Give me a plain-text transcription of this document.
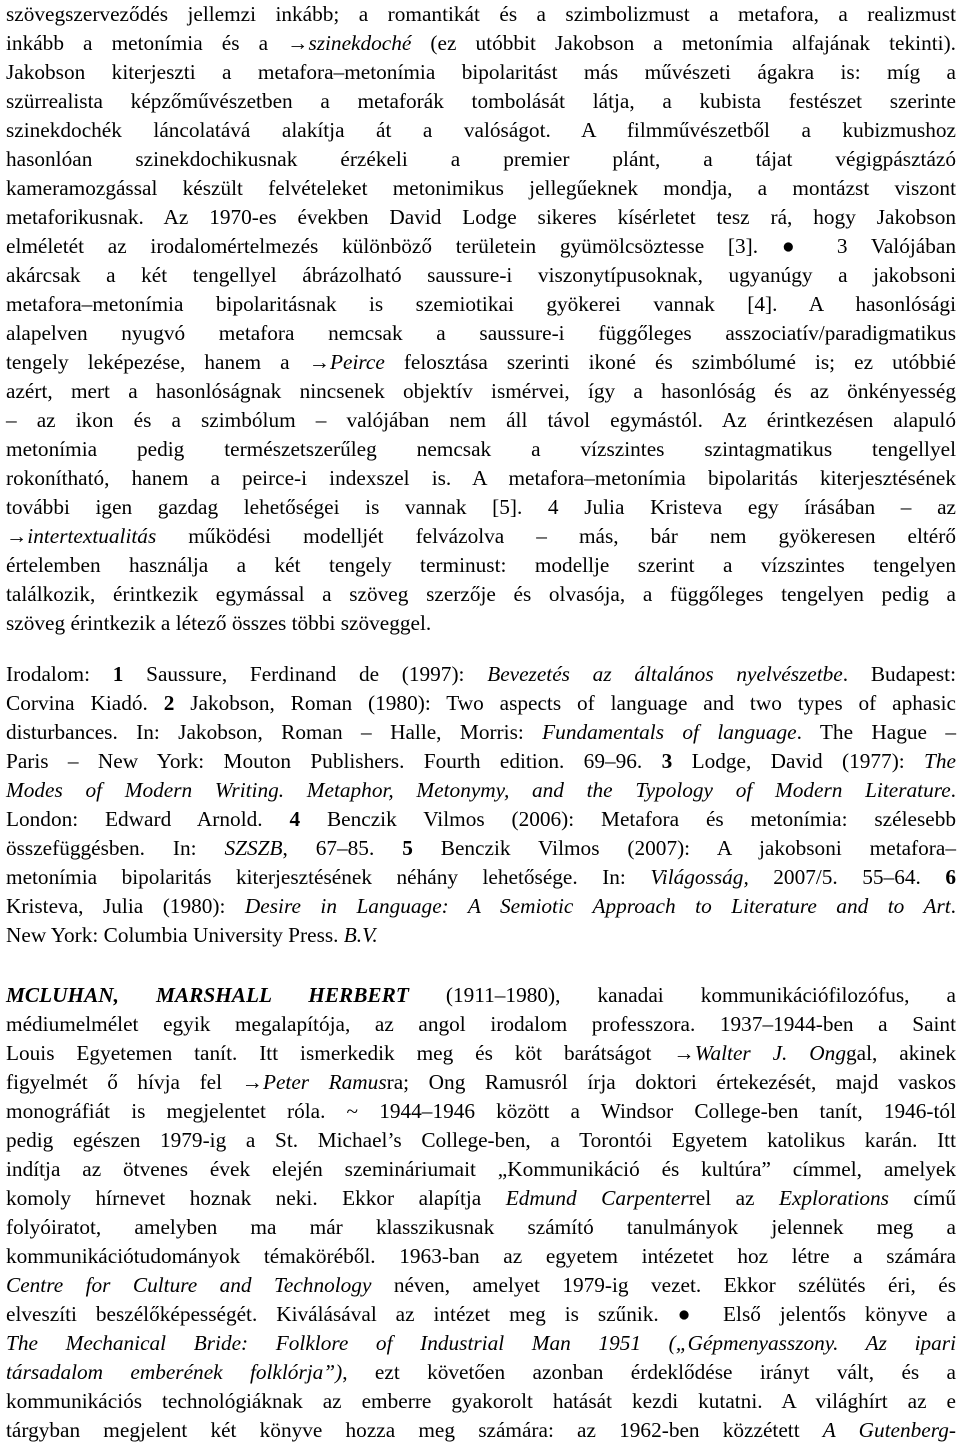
szövegszerveződés jellemzi inkább; a romantikát és a szimbolizmust a metafora, a realizmust
inkább a metonímia és a →szinekdoché (ez utóbbit Jakobson a metonímia alfajának tekinti).
Jakobson kiterjeszti a metafora–metonímia bipolaritást más művészeti ágakra is: míg a
szürrealista képzőművészetben a metaforák tombolását látja, a kubista festészet szerinte
szinekdochék láncolatává alakítja át a valóságot. A filmművészetből a kubizmushoz
hasonlóan szinekdochikusnak érzékeli a premier plánt, a tájat végigpásztázó
kameramozgással készült felvételeket metonimikus jellegűeknek mondja, a montázst viszont
metaforikusnak. Az 1970-es években David Lodge sikeres kísérletet tesz rá, hogy Jakobson
elméletét az irodalomértelmezés különböző területein gyümölcsöztesse [3]. ● 3 Valójában
akárcsak a két tengellyel ábrázolható saussure-i viszonytípusoknak, ugyanúgy a jakobsoni
metafora–metonímia bipolaritásnak is szemiotikai gyökerei vannak [4]. A hasonlósági
alapelven nyugvó metafora nemcsak a saussure-i függőleges asszociatív/paradigmatikus
tengely leképezése, hanem a →Peirce felosztása szerinti ikoné és szimbólumé is; ez utóbbié
azért, mert a hasonlóságnak nincsenek objektív ismérvei, így a hasonlóság és az önkényesség
– az ikon és a szimbólum – valójában nem áll távol egymástól. Az érintkezésen alapuló
metonímia pedig természetszerűleg nemcsak a vízszintes szintagmatikus tengellyel
rokonítható, hanem a peirce-i indexszel is. A metafora–metonímia bipolaritás kiterjesztésének
további igen gazdag lehetőségei is vannak [5]. 4 Julia Kristeva egy írásában – az
→intertextualitás működési modelljét felvázolva – más, bár nem gyökeresen eltérő
értelemben használja a két tengely terminust: modellje szerint a vízszintes tengelyen
találkozik, érintkezik egymással a szöveg szerzője és olvasója, a függőleges tengelyen pedig a
szöveg érintkezik a létező összes többi szöveggel.
Irodalom: 1 Saussure, Ferdinand de (1997): Bevezetés az általános nyelvészetbe. Budapest:
Corvina Kiadó. 2 Jakobson, Roman (1980): Two aspects of language and two types of aphasic
disturbances. In: Jakobson, Roman – Halle, Morris: Fundamentals of language. The Hague –
Paris – New York: Mouton Publishers. Fourth edition. 69–96. 3 Lodge, David (1977): The
Modes of Modern Writing. Metaphor, Metonymy, and the Typology of Modern Literature.
London: Edward Arnold. 4 Benczik Vilmos (2006): Metafora és metonímia: szélesebb
összefüggésben. In: SZSZB, 67–85. 5 Benczik Vilmos (2007): A jakobsoni metafora–
metonímia bipolaritás kiterjesztésének néhány lehetősége. In: Világosság, 2007/5. 55–64. 6
Kristeva, Julia (1980): Desire in Language: A Semiotic Approach to Literature and to Art.
New York: Columbia University Press. B.V.
MCLUHAN, MARSHALL HERBERT (1911–1980), kanadai kommunikációfilozófus, a
médiumelmélet egyik megalapítója, az angol irodalom professzora. 1937–1944-ben a Saint
Louis Egyetemen tanít. Itt ismerkedik meg és köt barátságot →Walter J. Onggal, akinek
figyelmét ő hívja fel →Peter Ramusra; Ong Ramusról írja doktori értekezését, majd vaskos
monográfiát is megjelentet róla. ~ 1944–1946 között a Windsor College-ben tanít, 1946-tól
pedig egészen 1979-ig a St. Michael’s College-ben, a Torontói Egyetem katolikus karán. Itt
indítja az ötvenes évek elején szemináriumait „Kommunikáció és kultúra” címmel, amelyek
komoly hírnevet hoznak neki. Ekkor alapítja Edmund Carpenterrel az Explorations című
folyóiratot, amelyben ma már klasszikusnak számító tanulmányok jelennek meg a
kommunikációtudományok témaköréből. 1963-ban az egyetem intézetet hoz létre a számára
Centre for Culture and Technology néven, amelyet 1979-ig vezet. Ekkor szélütés éri, és
elveszíti beszélőképességét. Kiválásával az intézet meg is szűnik. ● Első jelentős könyve a
The Mechanical Bride: Folklore of Industrial Man 1951 („Gépmenyasszony. Az ipari
társadalom emberének folklórja”), ezt követően azonban érdeklődése irányt vált, és a
kommunikációs technológiáknak az emberre gyakorolt hatását kezdi kutatni. A világhírt az e
tárgyban megjelent két könyve hozza meg számára: az 1962-ben közzétett A Gutenberg-
